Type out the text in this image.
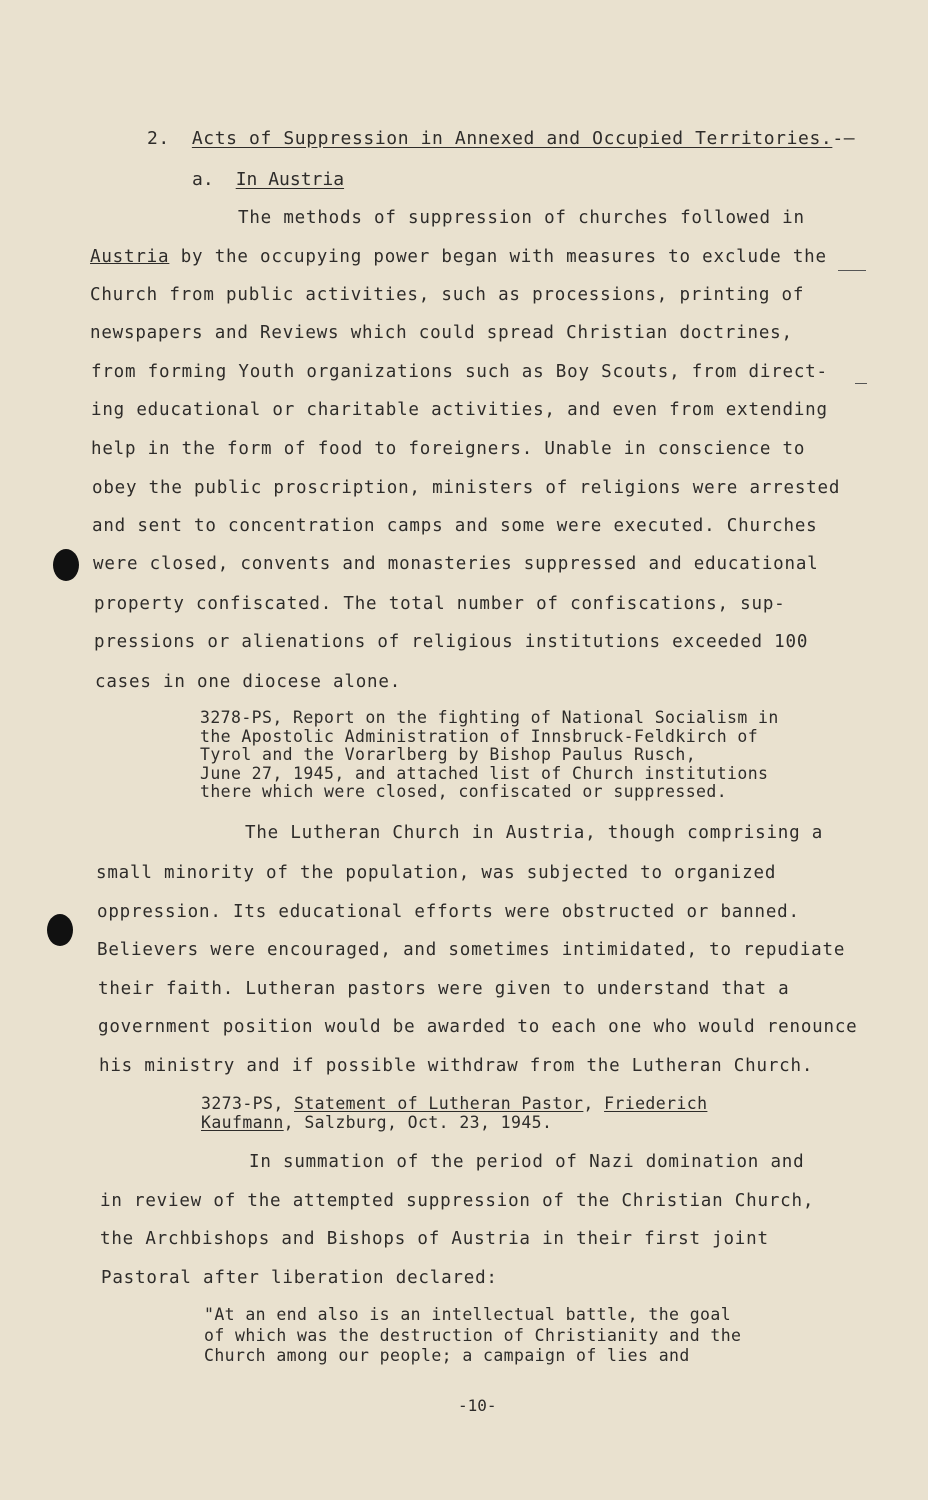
2. Acts of Suppression in Annexed and Occupied Territories.-—
a. In Austria
The methods of suppression of churches followed in
Austria by the occupying power began with measures to exclude the
Church from public activities, such as processions, printing of
newspapers and Reviews which could spread Christian doctrines,
from forming Youth organizations such as Boy Scouts, from direct-
ing educational or charitable activities, and even from extending
help in the form of food to foreigners. Unable in conscience to
obey the public proscription, ministers of religions were arrested
and sent to concentration camps and some were executed. Churches
were closed, convents and monasteries suppressed and educational
property confiscated. The total number of confiscations, sup-
pressions or alienations of religious institutions exceeded 100
cases in one diocese alone.
3278-PS, Report on the fighting of National Socialism in
the Apostolic Administration of Innsbruck-Feldkirch of
Tyrol and the Vorarlberg by Bishop Paulus Rusch,
June 27, 1945, and attached list of Church institutions
there which were closed, confiscated or suppressed.
The Lutheran Church in Austria, though comprising a
small minority of the population, was subjected to organized
oppression. Its educational efforts were obstructed or banned.
Believers were encouraged, and sometimes intimidated, to repudiate
their faith. Lutheran pastors were given to understand that a
government position would be awarded to each one who would renounce
his ministry and if possible withdraw from the Lutheran Church.
3273-PS, Statement of Lutheran Pastor, Friederich
Kaufmann, Salzburg, Oct. 23, 1945.
In summation of the period of Nazi domination and
in review of the attempted suppression of the Christian Church,
the Archbishops and Bishops of Austria in their first joint
Pastoral after liberation declared:
"At an end also is an intellectual battle, the goal
of which was the destruction of Christianity and the
Church among our people; a campaign of lies and
-10-
